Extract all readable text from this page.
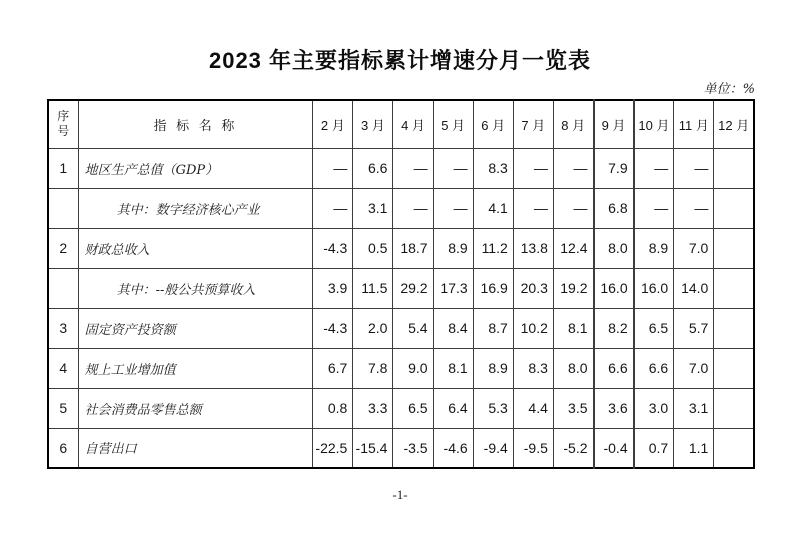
2023 年主要指标累计增速分月一览表
单位：%
序号	指 标 名 称	2 月	3 月	4 月	5 月	6 月	7 月	8 月	9 月	10 月	11 月	12 月
1	地区生产总值（GDP）	—	6.6	—	—	8.3	—	—	7.9	—	—	
	其中：数字经济核心产业	—	3.1	—	—	4.1	—	—	6.8	—	—	
2	财政总收入	-4.3	0.5	18.7	8.9	11.2	13.8	12.4	8.0	8.9	7.0	
	其中：--般公共预算收入	3.9	11.5	29.2	17.3	16.9	20.3	19.2	16.0	16.0	14.0	
3	固定资产投资额	-4.3	2.0	5.4	8.4	8.7	10.2	8.1	8.2	6.5	5.7	
4	规上工业增加值	6.7	7.8	9.0	8.1	8.9	8.3	8.0	6.6	6.6	7.0	
5	社会消费品零售总额	0.8	3.3	6.5	6.4	5.3	4.4	3.5	3.6	3.0	3.1	
6	自营出口	-22.5	-15.4	-3.5	-4.6	-9.4	-9.5	-5.2	-0.4	0.7	1.1	
-1-
